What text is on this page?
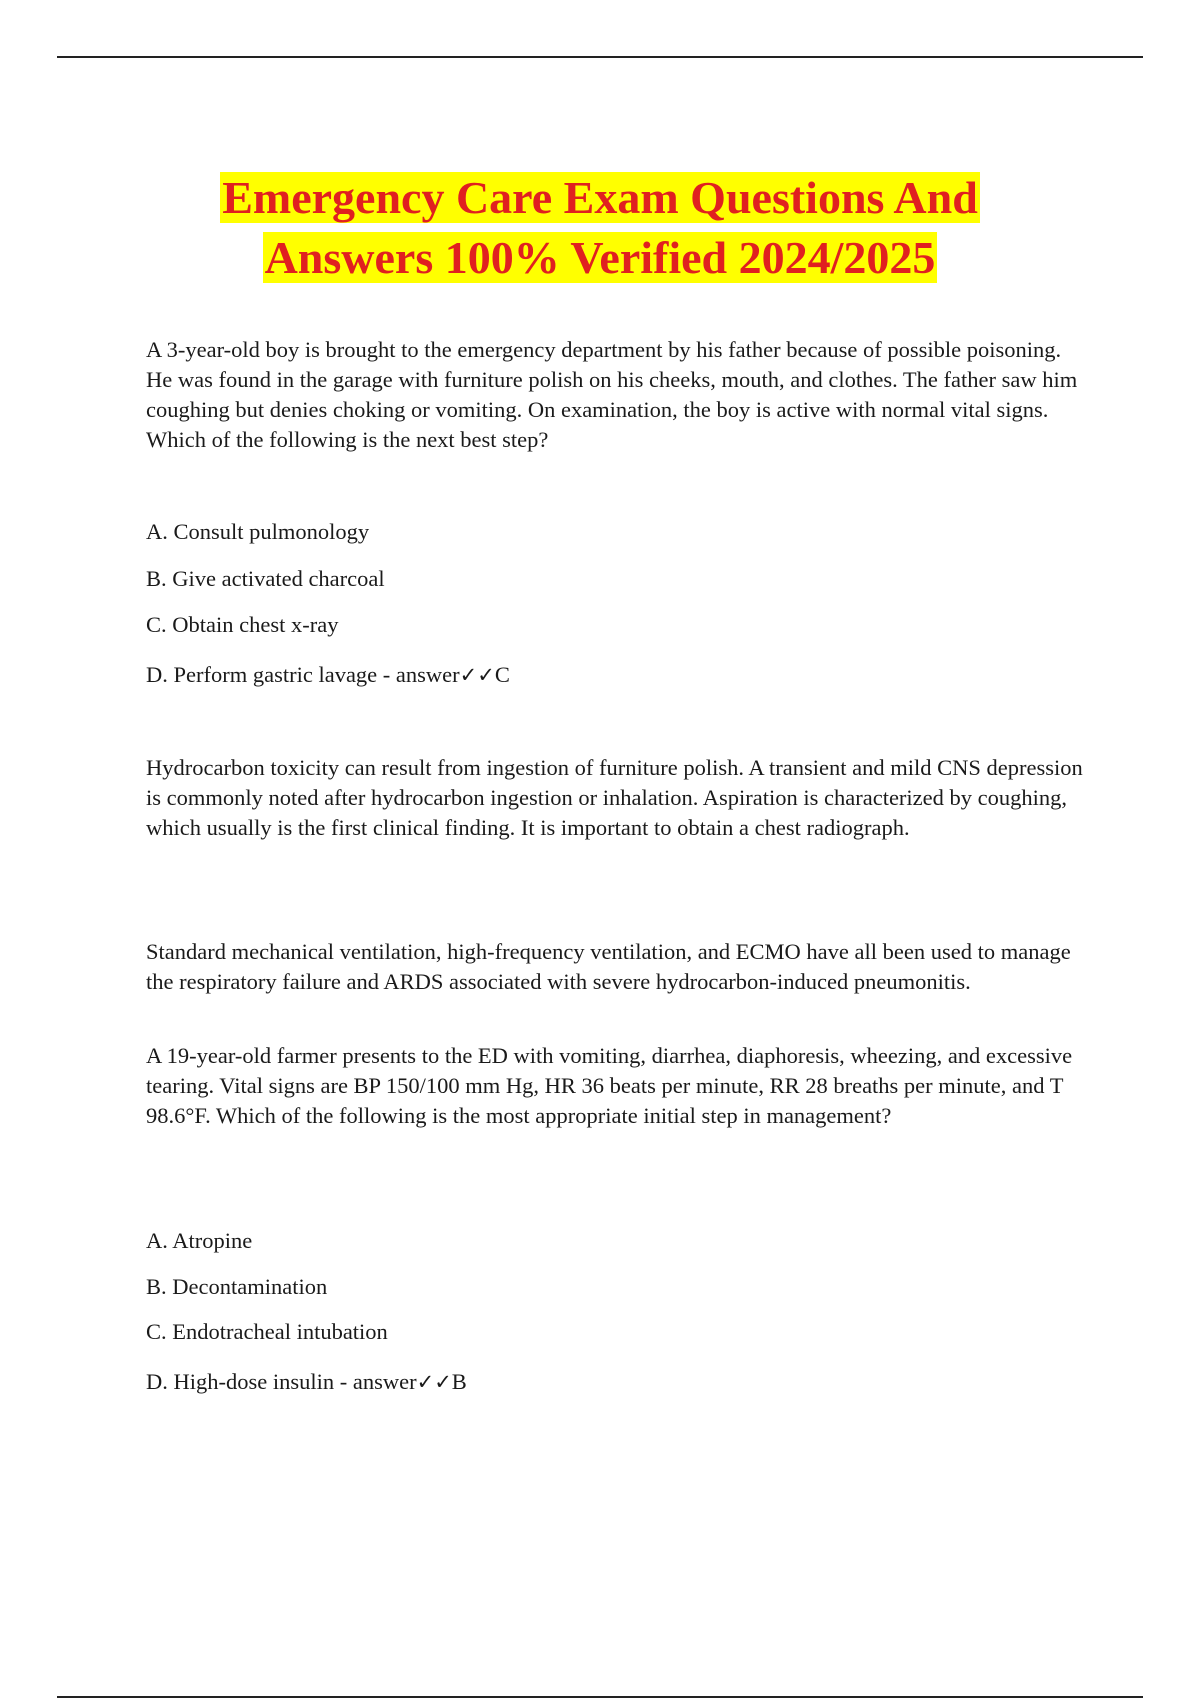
Emergency Care Exam Questions And
Answers 100% Verified 2024/2025
A 3-year-old boy is brought to the emergency department by his father because of possible poisoning. He was found in the garage with furniture polish on his cheeks, mouth, and clothes. The father saw him coughing but denies choking or vomiting. On examination, the boy is active with normal vital signs. Which of the following is the next best step?
A. Consult pulmonology
B. Give activated charcoal
C. Obtain chest x-ray
D. Perform gastric lavage - answer✓✓C
Hydrocarbon toxicity can result from ingestion of furniture polish. A transient and mild CNS depression is commonly noted after hydrocarbon ingestion or inhalation. Aspiration is characterized by coughing, which usually is the first clinical finding. It is important to obtain a chest radiograph.
Standard mechanical ventilation, high-frequency ventilation, and ECMO have all been used to manage the respiratory failure and ARDS associated with severe hydrocarbon-induced pneumonitis.
A 19-year-old farmer presents to the ED with vomiting, diarrhea, diaphoresis, wheezing, and excessive tearing. Vital signs are BP 150/100 mm Hg, HR 36 beats per minute, RR 28 breaths per minute, and T 98.6°F. Which of the following is the most appropriate initial step in management?
A. Atropine
B. Decontamination
C. Endotracheal intubation
D. High-dose insulin - answer✓✓B
